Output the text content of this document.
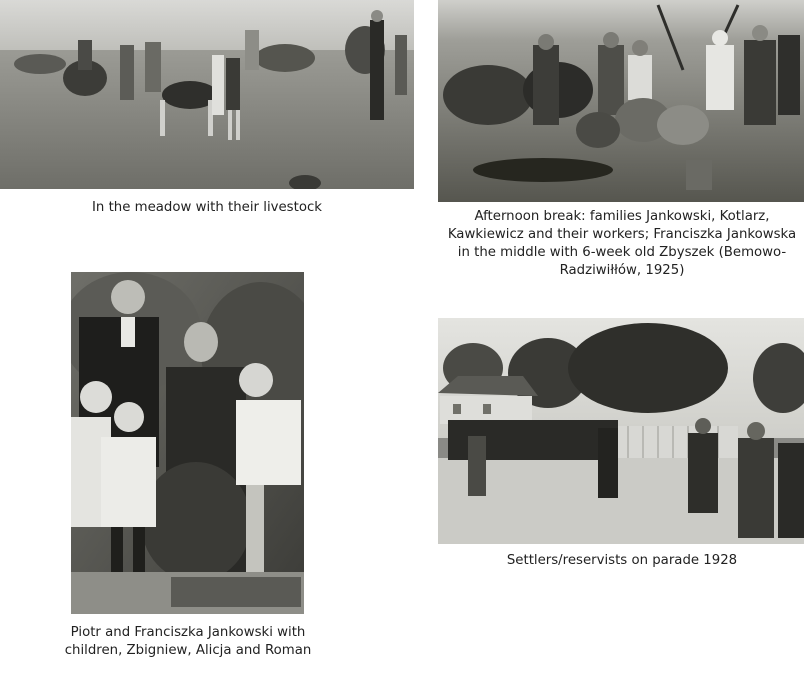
In the meadow with their livestock
Afternoon break: families Jankowski, Kotlarz, Kawkiewicz and their workers; Franciszka Jankowska in the middle with 6-week old Zbyszek (Bemowo-Radziwiłłów, 1925)
Piotr and Franciszka Jankowski with children, Zbigniew, Alicja and Roman
Settlers/reservists on parade 1928
